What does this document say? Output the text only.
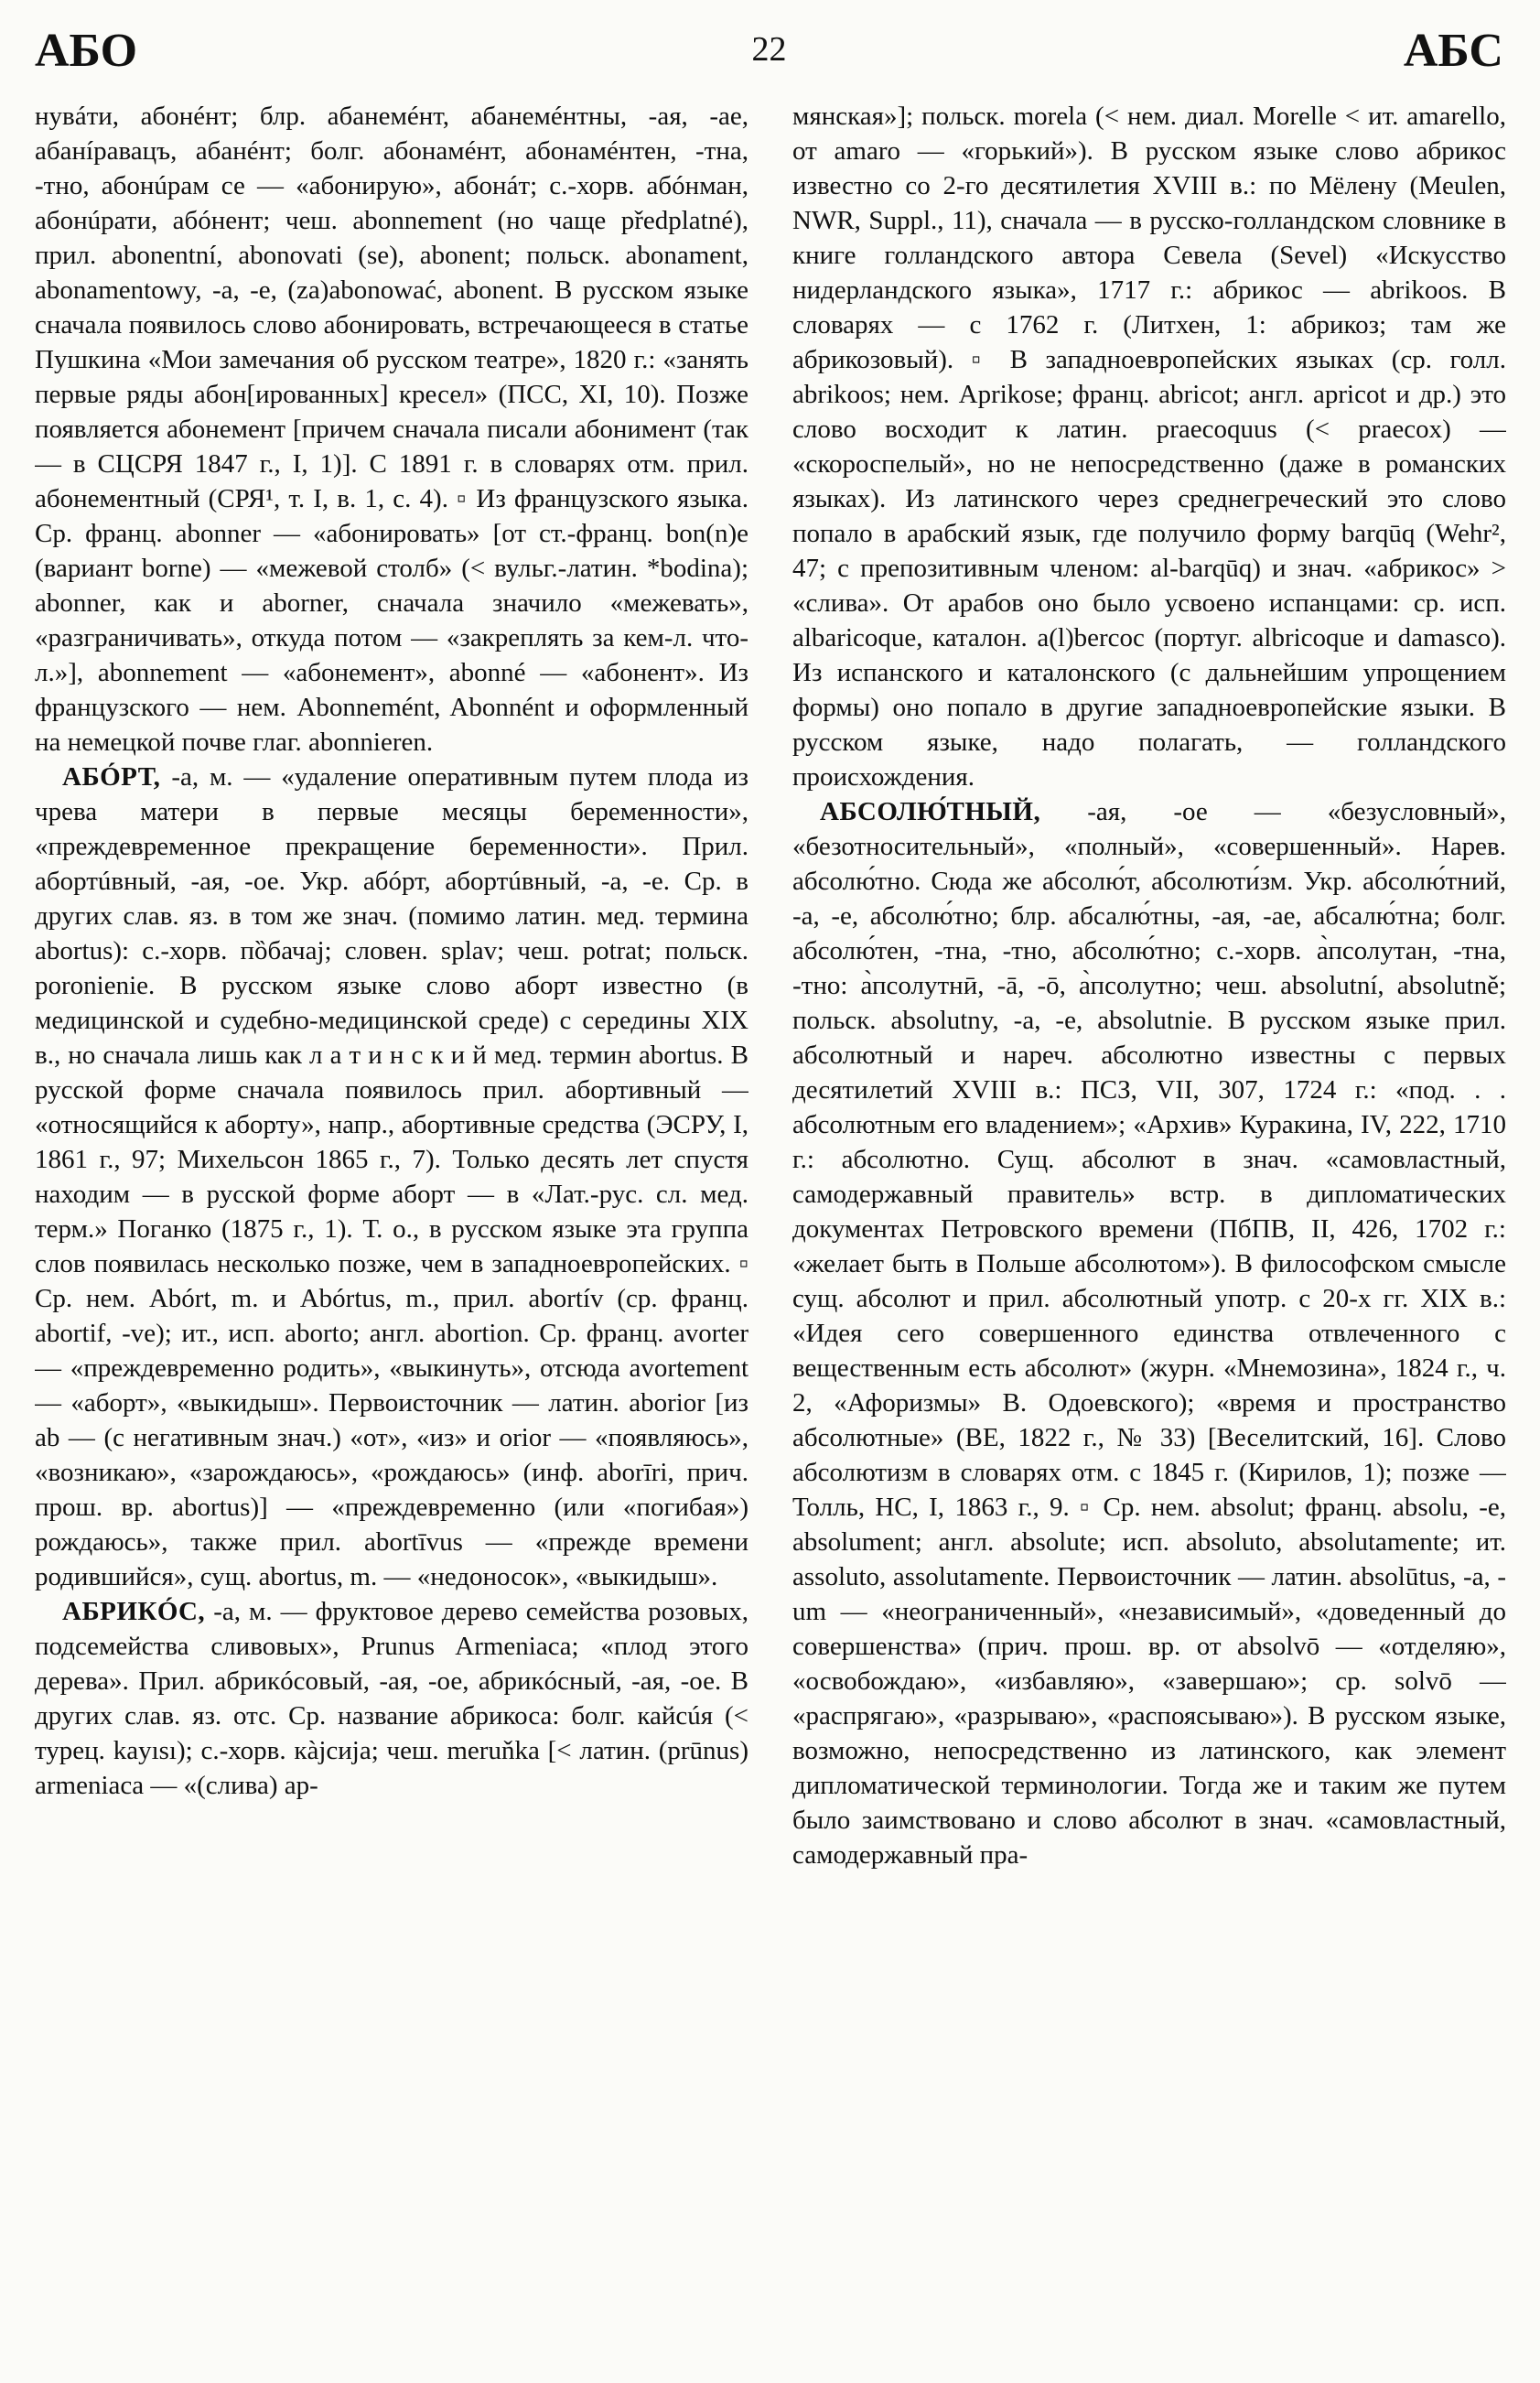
АБО	22	АБС

нувáти, абонéнт; блр. абанемéнт, абанемéнтны, -ая, -ае, абанíравацъ, абанéнт; болг. абонамéнт, абонамéнтен, -тна, -тно, абонúрам се — «абонирую», абонáт; с.-хорв. абóнман, абонúрати, абóнент; чеш. abonnement (но чаще předplatné), прил. abonentní, abonovati (se), abonent; польск. abonament, abonamentowy, -a, -e, (za)abonować, abonent. В русском языке сначала появилось слово абонировать, встречающееся в статье Пушкина «Мои замечания об русском театре», 1820 г.: «занять первые ряды абон[ированных] кресел» (ПСС, XI, 10). Позже появляется абонемент [причем сначала писали абонимент (так — в СЦСРЯ 1847 г., I, 1)]. С 1891 г. в словарях отм. прил. абонементный (СРЯ¹, т. I, в. 1, с. 4). ▫ Из французского языка. Ср. франц. abonner — «абонировать» [от ст.-франц. bon(n)e (вариант borne) — «межевой столб» (< вульг.-латин. *bodina); abonner, как и aborner, сначала значило «межевать», «разграничивать», откуда потом — «закреплять за кем-л. что-л.»], abonnement — «абонемент», abonné — «абонент». Из французского — нем. Abonnemént, Abonnént и оформленный на немецкой почве глаг. abonnieren.

АБÓРТ, -а, м. — «удаление оперативным путем плода из чрева матери в первые месяцы беременности», «преждевременное прекращение беременности». Прил. абортúвный, -ая, -ое. Укр. абóрт, абортúвный, -а, -е. Ср. в других слав. яз. в том же знач. (помимо латин. мед. термина abortus): с.-хорв. пȍбачај; словен. splav; чеш. potrat; польск. poronienie. В русском языке слово аборт известно (в медицинской и судебно-медицинской среде) с середины XIX в., но сначала лишь как л а т и н с к и й мед. термин abortus. В русской форме сначала появилось прил. абортивный — «относящийся к аборту», напр., абортивные средства (ЭСРУ, I, 1861 г., 97; Михельсон 1865 г., 7). Только десять лет спустя находим — в русской форме аборт — в «Лат.-рус. сл. мед. терм.» Поганко (1875 г., 1). Т. о., в русском языке эта группа слов появилась несколько позже, чем в западноевропейских. ▫ Ср. нем. Abórt, m. и Abórtus, m., прил. abortív (ср. франц. abortif, -ve); ит., исп. aborto; англ. abortion. Ср. франц. avorter — «преждевременно родить», «выкинуть», отсюда avortement — «аборт», «выкидыш». Первоисточник — латин. aborior [из ab — (с негативным знач.) «от», «из» и orior — «появляюсь», «возникаю», «зарождаюсь», «рождаюсь» (инф. aborīri, прич. прош. вр. abortus)] — «преждевременно (или «погибая») рождаюсь», также прил. abortīvus — «прежде времени родившийся», сущ. abortus, m. — «недоносок», «выкидыш».

АБРИКÓС, -а, м. — фруктовое дерево семейства розовых, подсемейства сливовых», Prunus Armeniaca; «плод этого дерева». Прил. абрикóсовый, -ая, -ое, абрикóсный, -ая, -ое. В других слав. яз. отс. Ср. название абрикоса: болг. кайсúя (< турец. kayısı); с.-хорв. кàјсија; чеш. meruňka [< латин. (prūnus) armeniaca — «(слива) ар-

мянская»]; польск. morela (< нем. диал. Morelle < ит. amarello, от amaro — «горький»). В русском языке слово абрикос известно со 2-го десятилетия XVIII в.: по Мёлену (Meulen, NWR, Suppl., 11), сначала — в русско-голландском словнике в книге голландского автора Севела (Sevel) «Искусство нидерландского языка», 1717 г.: абрикос — abrikoos. В словарях — с 1762 г. (Литхен, 1: абрикоз; там же абрикозовый). ▫ В западноевропейских языках (ср. голл. abrikoos; нем. Aprikose; франц. abricot; англ. apricot и др.) это слово восходит к латин. praecoquus (< praecox) — «скороспелый», но не непосредственно (даже в романских языках). Из латинского через среднегреческий это слово попало в арабский язык, где получило форму barqūq (Wehr², 47; с препозитивным членом: al-barqūq) и знач. «абрикос» > «слива». От арабов оно было усвоено испанцами: ср. исп. albaricoque, каталон. a(l)bercoc (португ. albricoque и damasco). Из испанского и каталонского (с дальнейшим упрощением формы) оно попало в другие западноевропейские языки. В русском языке, надо полагать, — голландского происхождения.

АБСОЛЮ́ТНЫЙ, -ая, -ое — «безусловный», «безотносительный», «полный», «совершенный». Нарев. абсолю́тно. Сюда же абсолю́т, абсолюти́зм. Укр. абсолю́тний, -а, -е, абсолю́тно; блр. абсалю́тны, -ая, -ае, абсалю́тна; болг. абсолю́тен, -тна, -тно, абсолю́тно; с.-хорв. а̀псолутан, -тна, -тно: а̀псолутнӣ, -ā, -ō, а̀псолутно; чеш. absolutní, absolutně; польск. absolutny, -a, -e, absolutnie. В русском языке прил. абсолютный и нареч. абсолютно известны с первых десятилетий XVIII в.: ПСЗ, VII, 307, 1724 г.: «под. . . абсолютным его владением»; «Архив» Куракина, IV, 222, 1710 г.: абсолютно. Сущ. абсолют в знач. «самовластный, самодержавный правитель» встр. в дипломатических документах Петровского времени (ПбПВ, II, 426, 1702 г.: «желает быть в Польше абсолютом»). В философском смысле сущ. абсолют и прил. абсолютный употр. с 20-х гг. XIX в.: «Идея сего совершенного единства отвлеченного с вещественным есть абсолют» (журн. «Мнемозина», 1824 г., ч. 2, «Афоризмы» В. Одоевского); «время и пространство абсолютные» (ВЕ, 1822 г., № 33) [Веселитский, 16]. Слово абсолютизм в словарях отм. с 1845 г. (Кирилов, 1); позже — Толль, НС, I, 1863 г., 9. ▫ Ср. нем. absolut; франц. absolu, -e, absolument; англ. absolute; исп. absoluto, absolutamente; ит. assoluto, assolutamente. Первоисточник — латин. absolūtus, -a, -um — «неограниченный», «независимый», «доведенный до совершенства» (прич. прош. вр. от absolvō — «отделяю», «освобождаю», «избавляю», «завершаю»; ср. solvō — «распрягаю», «разрываю», «распоясываю»). В русском языке, возможно, непосредственно из латинского, как элемент дипломатической терминологии. Тогда же и таким же путем было заимствовано и слово абсолют в знач. «самовластный, самодержавный пра-
